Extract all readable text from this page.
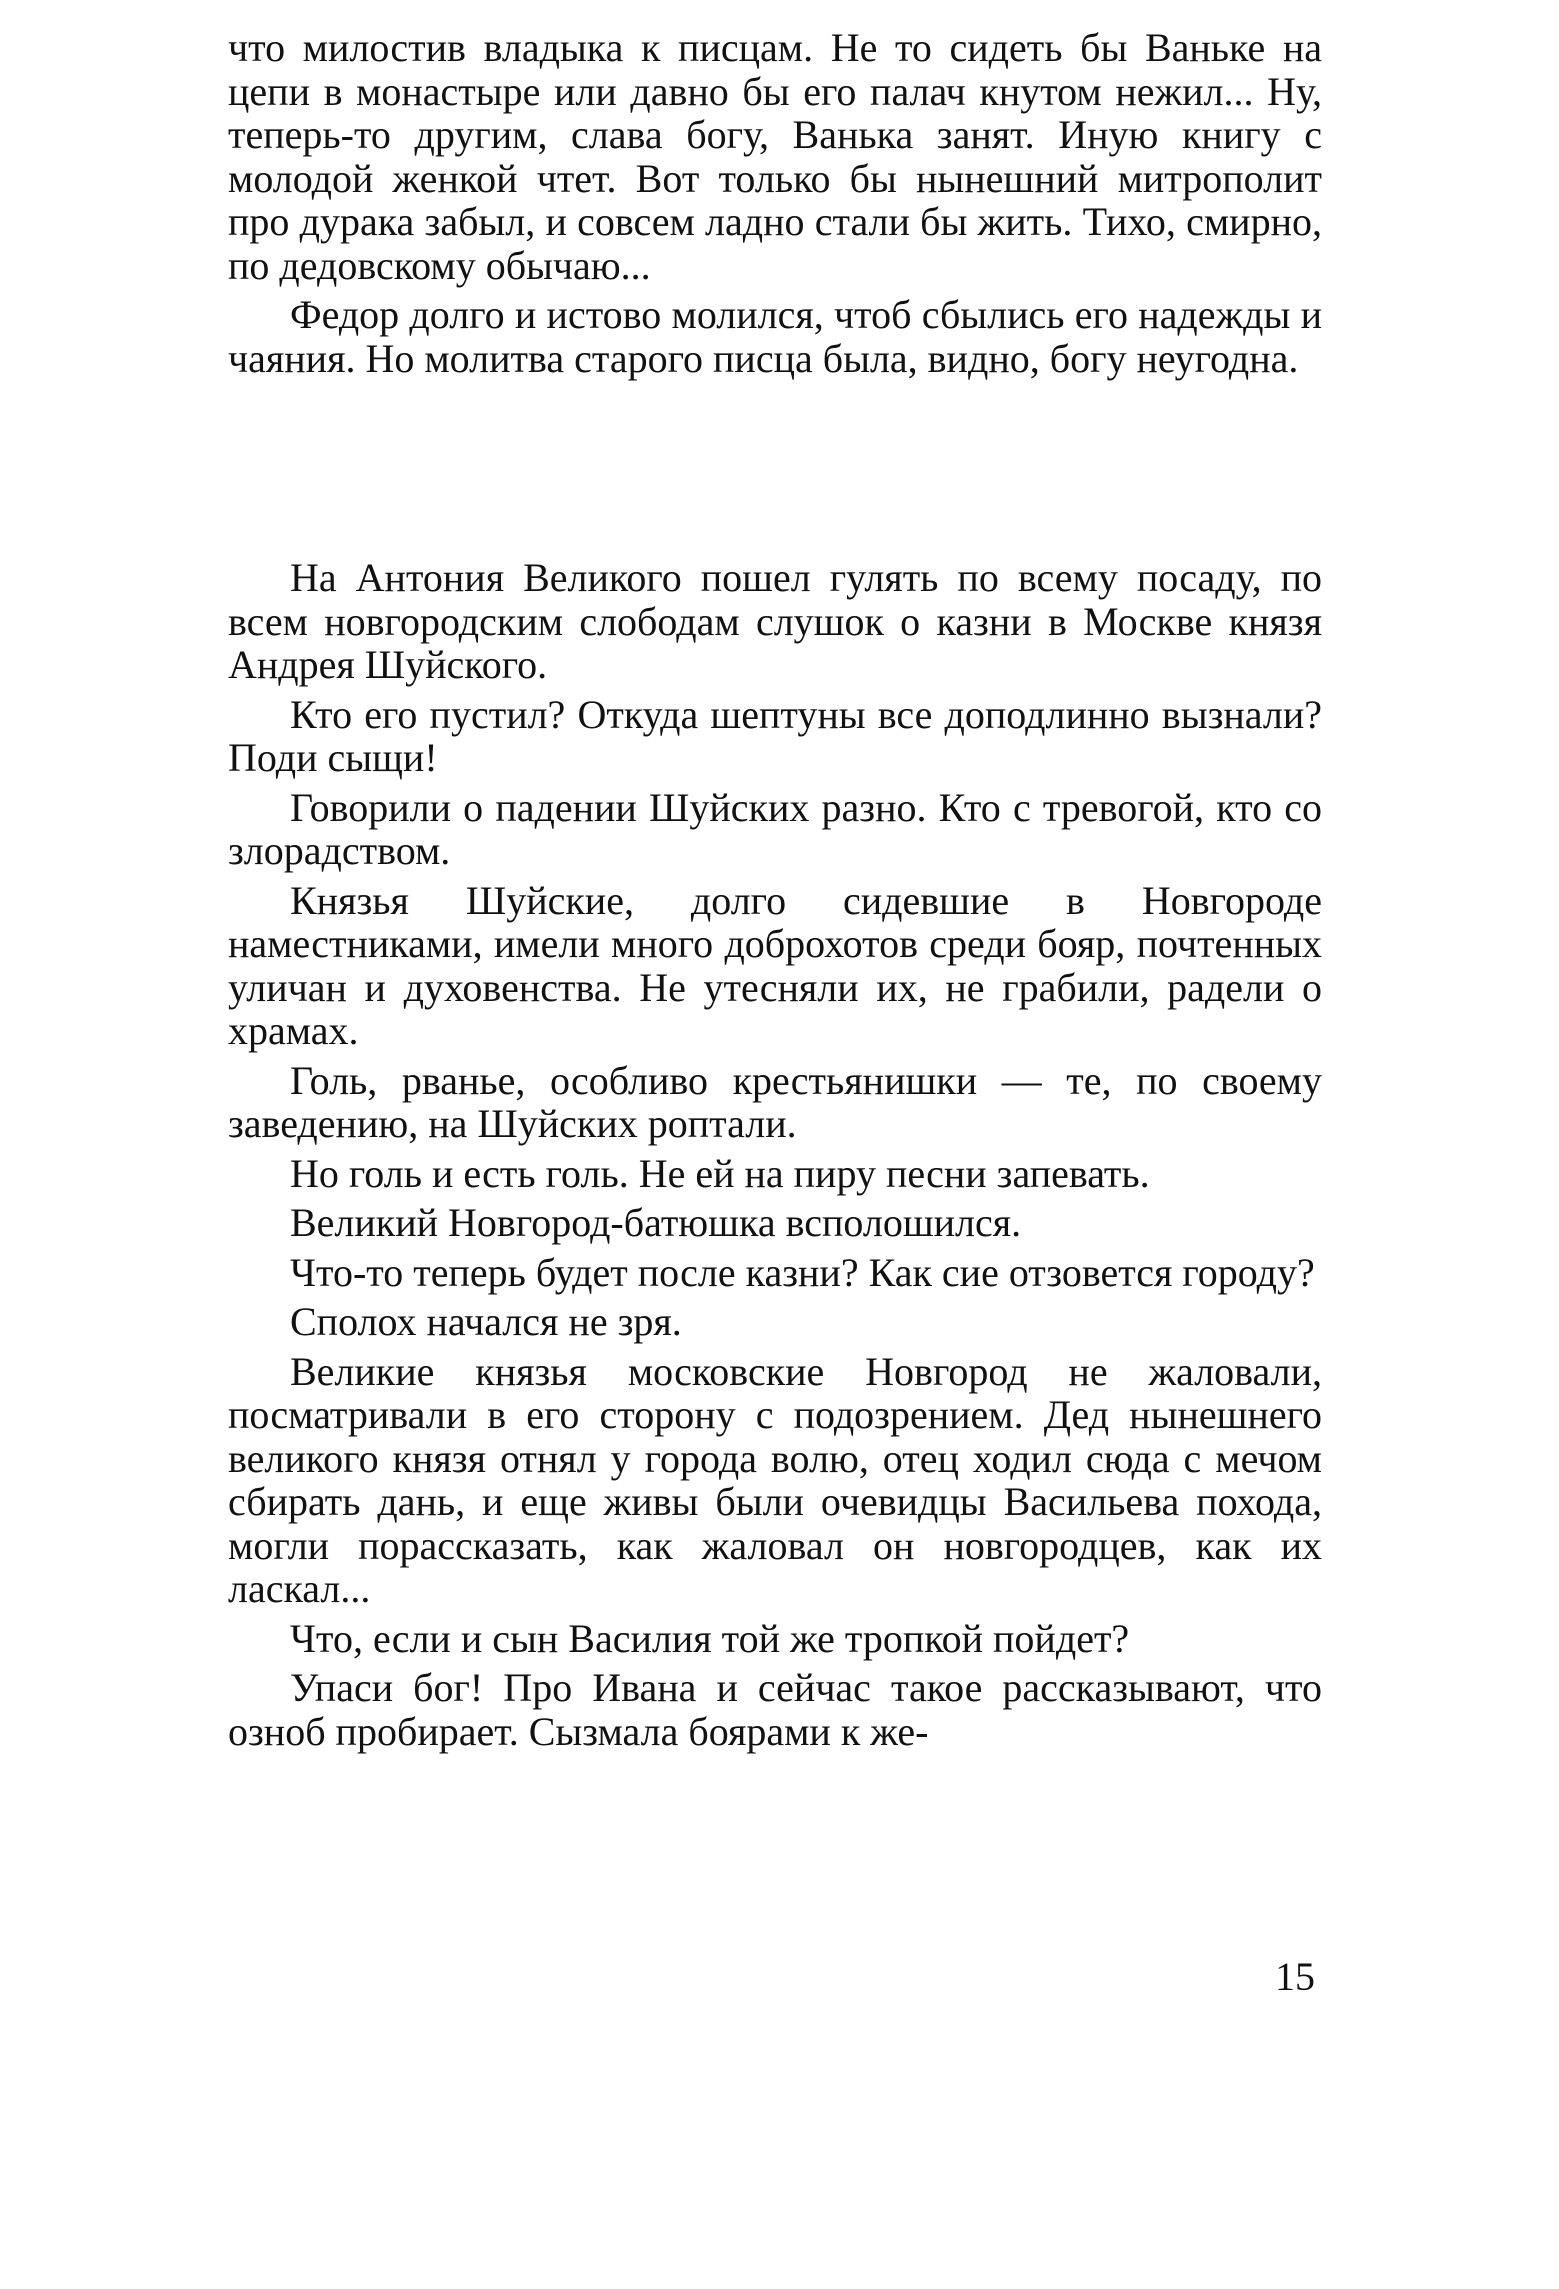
что милостив владыка к писцам. Не то сидеть бы Ваньке на цепи в монастыре или давно бы его палач кнутом нежил... Ну, теперь-то другим, слава богу, Ванька занят. Иную книгу с молодой женкой чтет. Вот только бы нынешний митрополит про дурака забыл, и совсем ладно стали бы жить. Тихо, смирно, по дедовскому обычаю...

Федор долго и истово молился, чтоб сбылись его надежды и чаяния. Но молитва старого писца была, видно, богу неугодна.

На Антония Великого пошел гулять по всему посаду, по всем новгородским слободам слушок о казни в Москве князя Андрея Шуйского.

Кто его пустил? Откуда шептуны все доподлинно вызнали? Поди сыщи!

Говорили о падении Шуйских разно. Кто с тревогой, кто со злорадством.

Князья Шуйские, долго сидевшие в Новгороде наместниками, имели много доброхотов среди бояр, почтенных уличан и духовенства. Не утесняли их, не грабили, радели о храмах.

Голь, рванье, особливо крестьянишки — те, по своему заведению, на Шуйских роптали.

Но голь и есть голь. Не ей на пиру песни запевать.

Великий Новгород-батюшка всполошился.

Что-то теперь будет после казни? Как сие отзовется городу?

Сполох начался не зря.

Великие князья московские Новгород не жаловали, посматривали в его сторону с подозрением. Дед нынешнего великого князя отнял у города волю, отец ходил сюда с мечом сбирать дань, и еще живы были очевидцы Васильева похода, могли порассказать, как жаловал он новгородцев, как их ласкал...

Что, если и сын Василия той же тропкой пойдет?

Упаси бог! Про Ивана и сейчас такое рассказывают, что озноб пробирает. Сызмала боярами к же-

15
